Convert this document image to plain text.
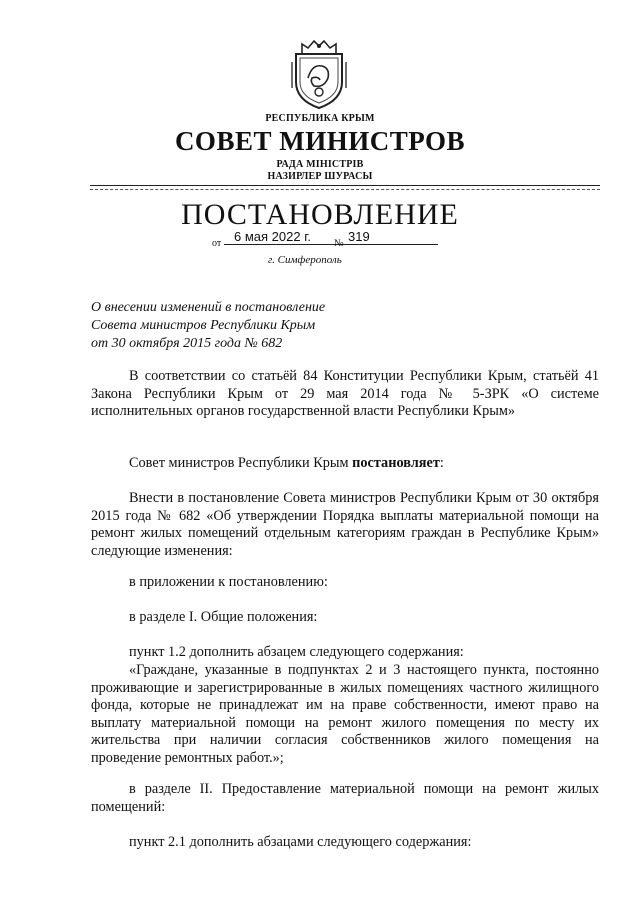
РЕСПУБЛИКА КРЫМ
СОВЕТ МИНИСТРОВ
РАДА МІНІСТРІВ
НАЗИРЛЕР ШУРАСЫ
ПОСТАНОВЛЕНИЕ
от 6 мая 2022 г.	№ 319
г. Симферополь
О внесении изменений в постановление
Совета министров Республики Крым
от 30 октября 2015 года № 682
В соответствии со статьёй 84 Конституции Республики Крым, статьёй 41 Закона Республики Крым от 29 мая 2014 года № 5-ЗРК «О системе исполнительных органов государственной власти Республики Крым»
Совет министров Республики Крым постановляет:
Внести в постановление Совета министров Республики Крым от 30 октября 2015 года № 682 «Об утверждении Порядка выплаты материальной помощи на ремонт жилых помещений отдельным категориям граждан в Республике Крым» следующие изменения:
в приложении к постановлению:
в разделе I. Общие положения:
пункт 1.2 дополнить абзацем следующего содержания:
«Граждане, указанные в подпунктах 2 и 3 настоящего пункта, постоянно проживающие и зарегистрированные в жилых помещениях частного жилищного фонда, которые не принадлежат им на праве собственности, имеют право на выплату материальной помощи на ремонт жилого помещения по месту их жительства при наличии согласия собственников жилого помещения на проведение ремонтных работ.»;
в разделе II. Предоставление материальной помощи на ремонт жилых помещений:
пункт 2.1 дополнить абзацами следующего содержания:
